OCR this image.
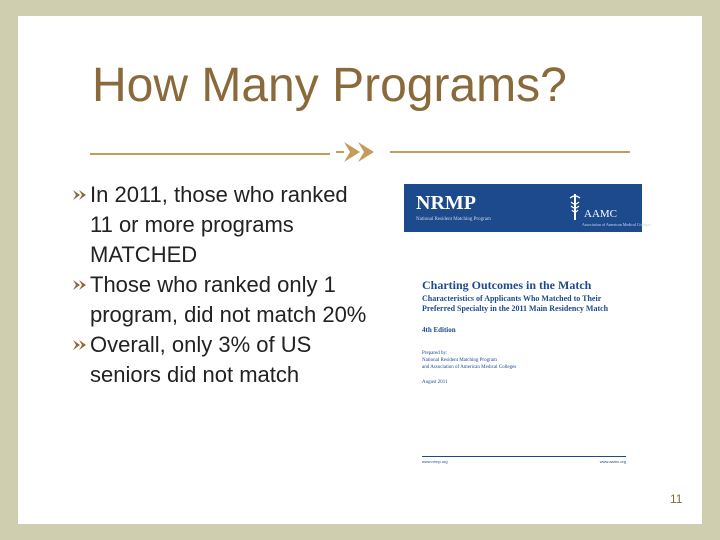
How Many Programs?
In 2011, those who ranked 11 or more programs MATCHED
Those who ranked only 1 program, did not match 20%
Overall, only 3% of US seniors did not match
NRMP
National Resident Matching Program	AAMC
Association of American Medical Colleges
Charting Outcomes in the Match
Characteristics of Applicants Who Matched to Their Preferred Specialty in the 2011 Main Residency Match
4th Edition
Prepared by:
National Resident Matching Program
and Association of American Medical Colleges
August 2011
www.nrmp.org	www.aamc.org
11
